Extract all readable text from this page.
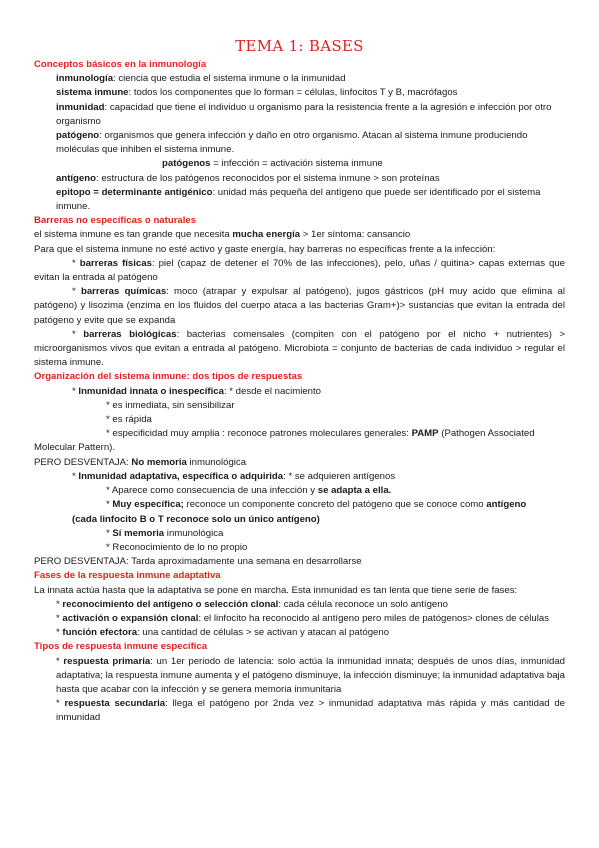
TEMA 1: BASES

Conceptos básicos en la inmunología

inmunología: ciencia que estudia el sistema inmune o la inmunidad

sistema inmune: todos los componentes que lo forman = células, linfocitos T y B, macrófagos

inmunidad: capacidad que tiene el individuo u organismo para la resistencia frente a la agresión e infección por otro organismo

patógeno: organismos que genera infección y daño en otro organismo. Atacan al sistema inmune produciendo moléculas que inhiben el sistema inmune.

patógenos = infección = activación sistema inmune

antígeno: estructura de los patógenos reconocidos por el sistema inmune > son proteínas

epitopo = determinante antigénico: unidad más pequeña del antígeno que puede ser identificado por el sistema inmune.

Barreras no específicas o naturales

el sistema inmune es tan grande que necesita mucha energía > 1er síntoma: cansancio

Para que el sistema inmune no esté activo y gaste energía, hay barreras no específicas frente a la infección:

* barreras físicas: piel (capaz de detener el 70% de las infecciones), pelo, uñas / quitina> capas externas que evitan la entrada al patógeno

* barreras químicas: moco (atrapar y expulsar al patógeno), jugos gástricos (pH muy acido que elimina al patógeno) y lisozima (enzima en los fluidos del cuerpo ataca a las bacterias Gram+)> sustancias que evitan la entrada del patógeno y evite que se expanda

* barreras biológicas: bacterias comensales (compiten con el patógeno por el nicho + nutrientes) > microorganismos vivos que evitan a entrada al patógeno. Microbiota = conjunto de bacterias de cada individuo > regular el sistema inmune.

Organización del sistema inmune: dos tipos de respuestas

* Inmunidad innata o inespecífica: * desde el nacimiento

* es inmediata, sin sensibilizar

* es rápida

* especificidad muy amplia : reconoce patrones moleculares generales: PAMP (Pathogen Associated Molecular Pattern).

PERO DESVENTAJA: No memoria inmunológica

* Inmunidad adaptativa, específica o adquirida: * se adquieren antígenos

* Aparece como consecuencia de una infección y se adapta a ella.

* Muy específica; reconoce un componente concreto del patógeno que se conoce como antígeno

(cada linfocito B o T reconoce solo un único antígeno)

* Sí memoria inmunológica

* Reconocimiento de lo no propio

PERO DESVENTAJA: Tarda aproximadamente una semana en desarrollarse

Fases de la respuesta inmune adaptativa

La innata actúa hasta que la adaptativa se pone en marcha. Esta inmunidad es tan lenta que tiene serie de fases:

* reconocimiento del antígeno o selección clonal: cada célula reconoce un solo antígeno

* activación o expansión clonal: el linfocito ha reconocido al antígeno pero miles de patógenos> clones de células

* función efectora: una cantidad de células > se activan y atacan al patógeno

Tipos de respuesta inmune específica

* respuesta primaria: un 1er periodo de latencia: solo actúa la inmunidad innata; después de unos días, inmunidad adaptativa; la respuesta inmune aumenta y el patógeno disminuye, la infección disminuye; la inmunidad adaptativa baja hasta que acabar con la infección y se genera memoria inmunitaria

* respuesta secundaria: llega el patógeno por 2nda vez > inmunidad adaptativa más rápida y más cantidad de inmunidad
